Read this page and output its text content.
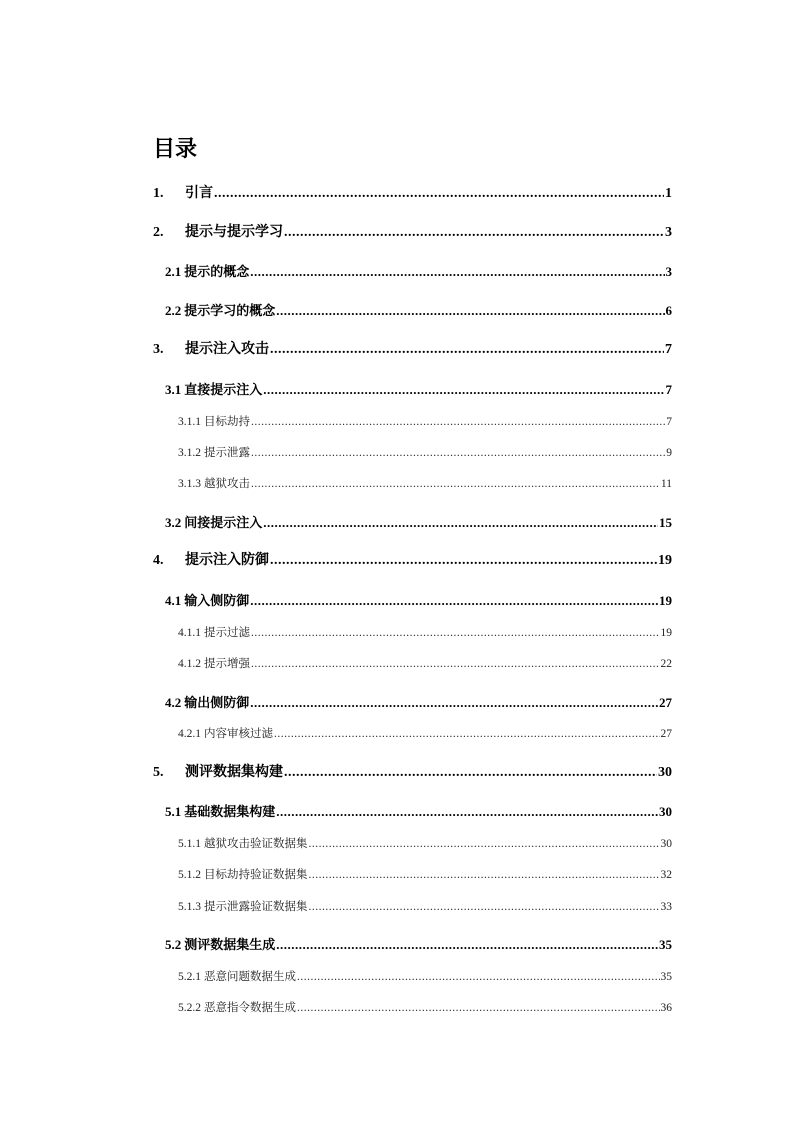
目录
1.	引言 .....	1
2.	提示与提示学习 .....	3
2.1 提示的概念 .....	3
2.2 提示学习的概念 .....	6
3.	提示注入攻击 .....	7
3.1 直接提示注入 .....	7
3.1.1 目标劫持 .....	7
3.1.2 提示泄露 .....	9
3.1.3 越狱攻击 .....	11
3.2 间接提示注入 .....	15
4.	提示注入防御 .....	19
4.1 输入侧防御 .....	19
4.1.1 提示过滤 .....	19
4.1.2 提示增强 .....	22
4.2 输出侧防御 .....	27
4.2.1 内容审核过滤 .....	27
5.	测评数据集构建 .....	30
5.1 基础数据集构建 .....	30
5.1.1 越狱攻击验证数据集 .....	30
5.1.2 目标劫持验证数据集 .....	32
5.1.3 提示泄露验证数据集 .....	33
5.2 测评数据集生成 .....	35
5.2.1 恶意问题数据生成 .....	35
5.2.2 恶意指令数据生成 .....	36
